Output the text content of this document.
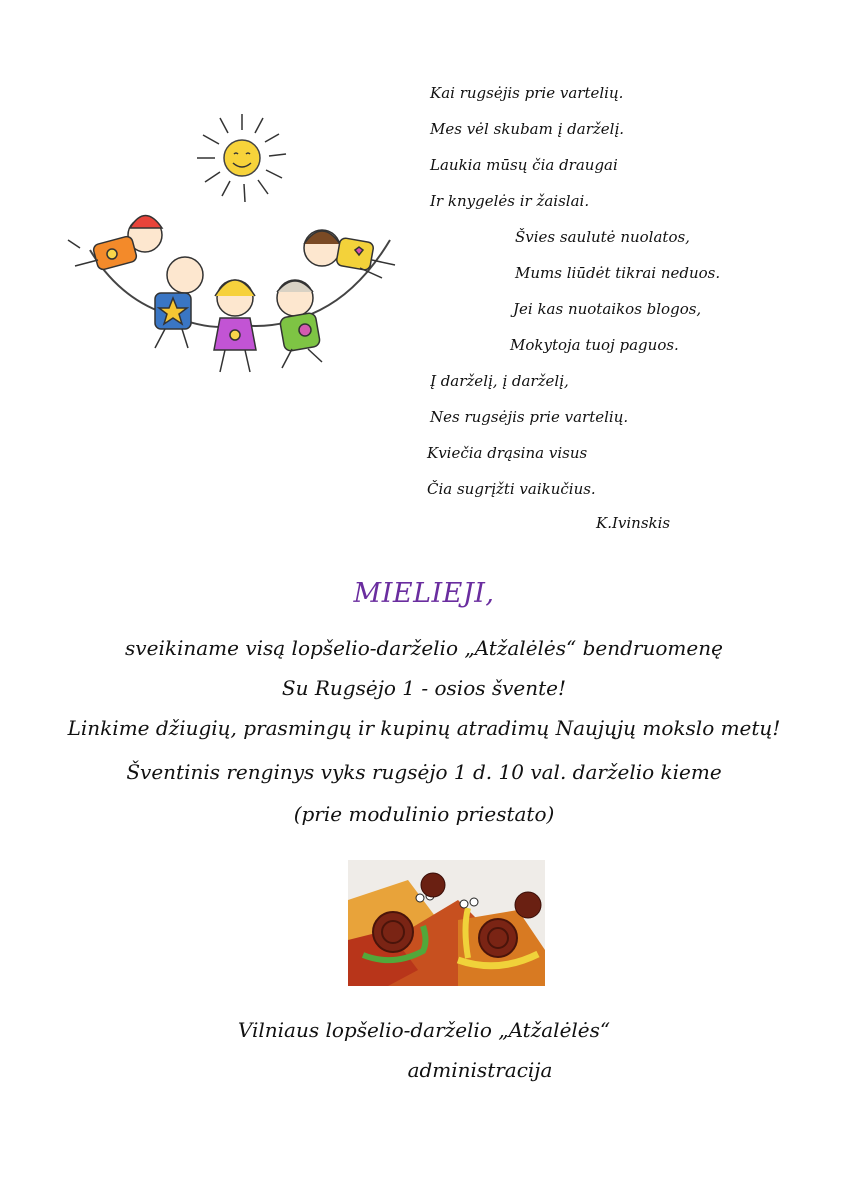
Kai rugsėjis prie vartelių.
Mes vėl skubam į darželį.
Laukia mūsų čia draugai
Ir knygelės ir žaislai.
Švies saulutė nuolatos,
Mums liūdėt tikrai neduos.
Jei kas nuotaikos blogos,
Mokytoja tuoj paguos.
Į darželį, į darželį,
Nes rugsėjis prie vartelių.
Kviečia drąsina visus
Čia sugrįžti vaikučius.
K.Ivinskis
MIELIEJI,
sveikiname visą lopšelio-darželio „Atžalėlės“ bendruomenę
Su Rugsėjo 1 - osios švente!
Linkime džiugių, prasmingų ir kupinų atradimų Naujųjų mokslo metų!
Šventinis renginys vyks rugsėjo 1 d. 10 val. darželio kieme
(prie modulinio priestato)
Vilniaus lopšelio-darželio „Atžalėlės“
administracija
